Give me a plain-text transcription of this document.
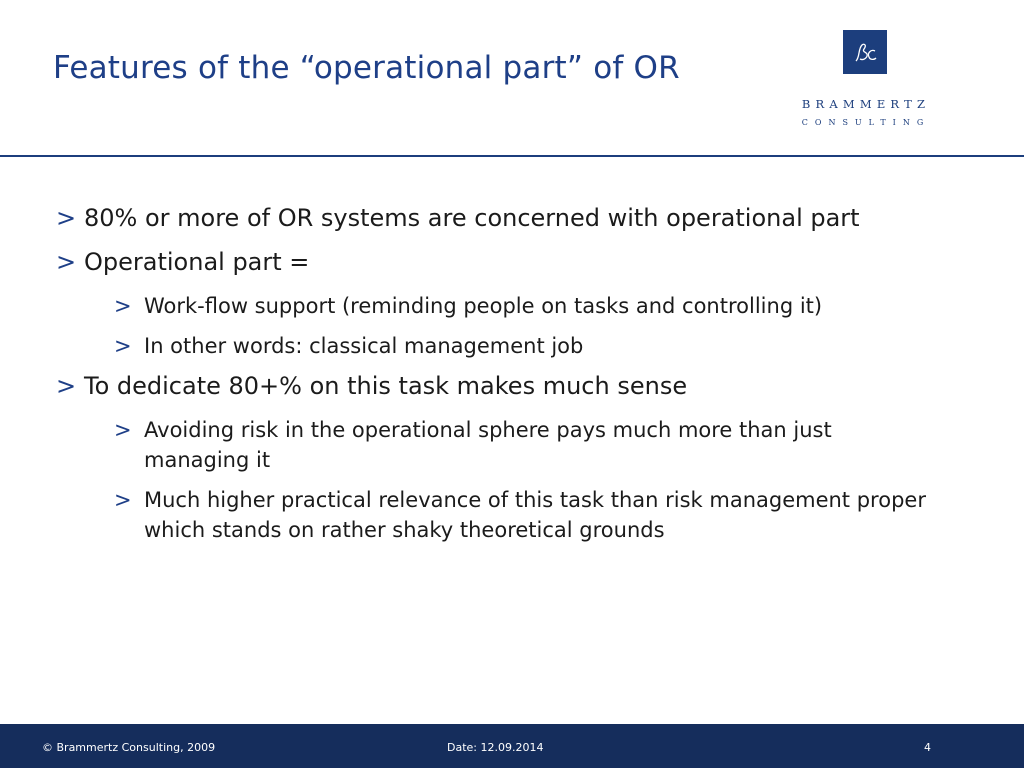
Features of the “operational part” of OR
BRAMMERTZ
CONSULTING
> 80% or more of OR systems are concerned with operational part
> Operational part =
> Work-flow support (reminding people on tasks and controlling it)
> In other words: classical management job
> To dedicate 80+% on this task makes much sense
> Avoiding risk in the operational sphere pays much more than just managing it
> Much higher practical relevance of this task than risk management proper which stands on rather shaky theoretical grounds
© Brammertz Consulting, 2009	Date: 12.09.2014	4
